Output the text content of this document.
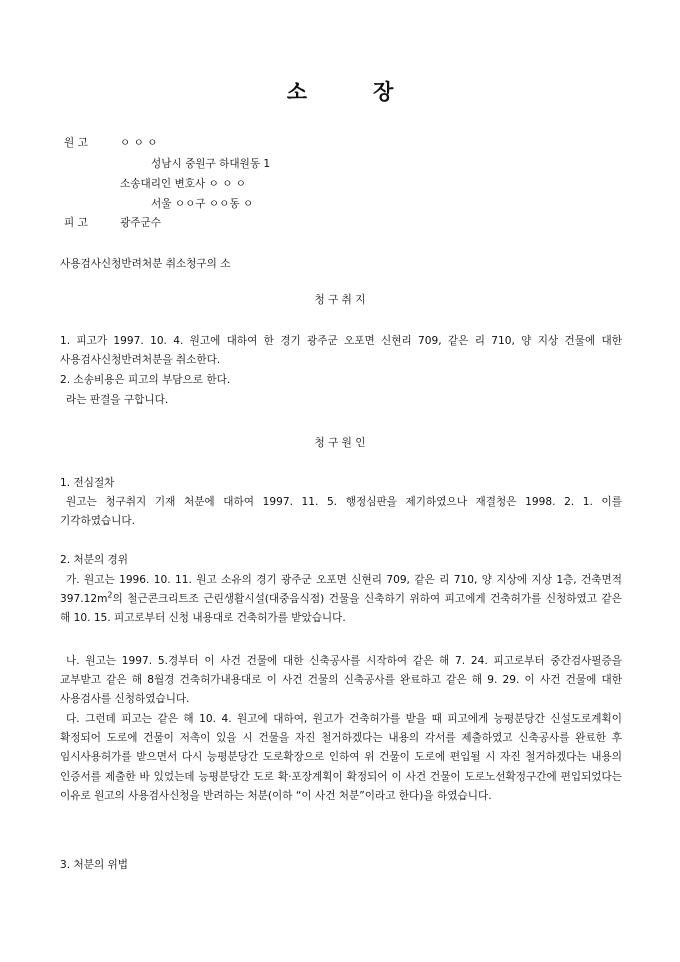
소	장
원 고	ㅇ ㅇ ㅇ
성남시 중원구 하대원동 1
소송대리인 변호사 ㅇ ㅇ ㅇ
서울 ㅇㅇ구 ㅇㅇ동 ㅇ
피 고	광주군수
사용검사신청반려처분 취소청구의 소
청 구 취 지
1. 피고가 1997. 10. 4. 원고에 대하여 한 경기 광주군 오포면 신현리 709, 같은 리 710, 양 지상 건물에 대한 사용검사신청반려처분을 취소한다.
2. 소송비용은 피고의 부담으로 한다.
라는 판결을 구합니다.
청 구 원 인
1. 전심절차
원고는 청구취지 기재 처분에 대하여 1997. 11. 5. 행정심판을 제기하였으나 재결청은 1998. 2. 1. 이를 기각하였습니다.
2. 처분의 경위
가. 원고는 1996. 10. 11. 원고 소유의 경기 광주군 오포면 신현리 709, 같은 리 710, 양 지상에 지상 1층, 건축면적 $397.12m^2$의 철근콘크리트조 근린생활시설(대중음식점) 건물을 신축하기 위하여 피고에게 건축허가를 신청하였고 같은 해 10. 15. 피고로부터 신청 내용대로 건축허가를 받았습니다.
나. 원고는 1997. 5.경부터 이 사건 건물에 대한 신축공사를 시작하여 같은 해 7. 24. 피고로부터 중간검사필증을 교부받고 같은 해 8월경 건축허가내용대로 이 사건 건물의 신축공사를 완료하고 같은 해 9. 29. 이 사건 건물에 대한 사용검사를 신청하였습니다.
다. 그런데 피고는 같은 해 10. 4. 원고에 대하여, 원고가 건축허가를 받을 때 피고에게 능평분당간 신설도로계획이 확정되어 도로에 건물이 저촉이 있을 시 건물을 자진 철거하겠다는 내용의 각서를 제출하였고 신축공사를 완료한 후 임시사용허가를 받으면서 다시 능평분당간 도로확장으로 인하여 위 건물이 도로에 편입될 시 자진 철거하겠다는 내용의 인증서를 제출한 바 있었는데 능평분당간 도로 확·포장계획이 확정되어 이 사건 건물이 도로노선확정구간에 편입되었다는 이유로 원고의 사용검사신청을 반려하는 처분(이하 “이 사건 처분”이라고 한다)을 하였습니다.
3. 처분의 위법
